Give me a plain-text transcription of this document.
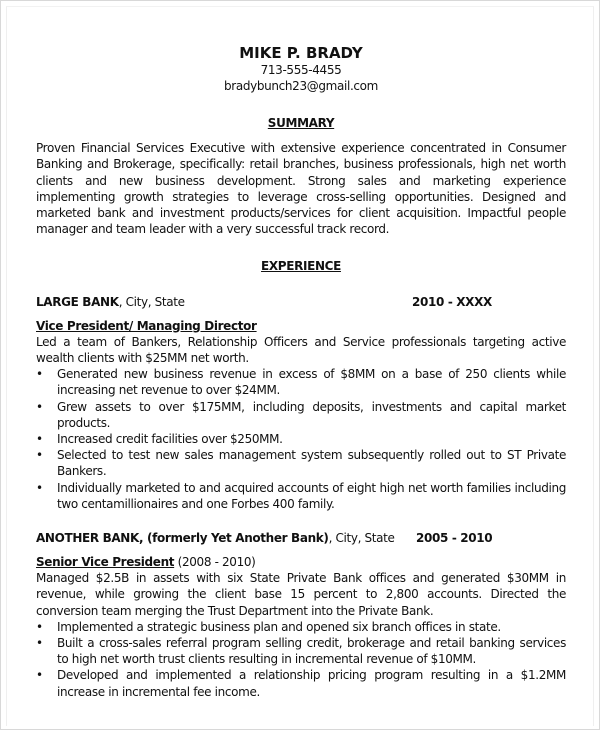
MIKE P. BRADY
713-555-4455
bradybunch23@gmail.com
SUMMARY

Proven Financial Services Executive with extensive experience concentrated in Consumer Banking and Brokerage, specifically: retail branches, business professionals, high net worth clients and new business development. Strong sales and marketing experience implementing growth strategies to leverage cross-selling opportunities. Designed and marketed bank and investment products/services for client acquisition. Impactful people manager and team leader with a very successful track record.

EXPERIENCE
LARGE BANK, City, State	2010 - XXXX
Vice President/ Managing Director
Led a team of Bankers, Relationship Officers and Service professionals targeting active wealth clients with $25MM net worth.
• Generated new business revenue in excess of $8MM on a base of 250 clients while increasing net revenue to over $24MM.
• Grew assets to over $175MM, including deposits, investments and capital market products.
• Increased credit facilities over $250MM.
• Selected to test new sales management system subsequently rolled out to ST Private Bankers.
• Individually marketed to and acquired accounts of eight high net worth families including two centamillionaires and one Forbes 400 family.
ANOTHER BANK, (formerly Yet Another Bank), City, State 2005 - 2010
Senior Vice President (2008 - 2010)
Managed $2.5B in assets with six State Private Bank offices and generated $30MM in revenue, while growing the client base 15 percent to 2,800 accounts. Directed the conversion team merging the Trust Department into the Private Bank.
• Implemented a strategic business plan and opened six branch offices in state.
• Built a cross-sales referral program selling credit, brokerage and retail banking services to high net worth trust clients resulting in incremental revenue of $10MM.
• Developed and implemented a relationship pricing program resulting in a $1.2MM increase in incremental fee income.
